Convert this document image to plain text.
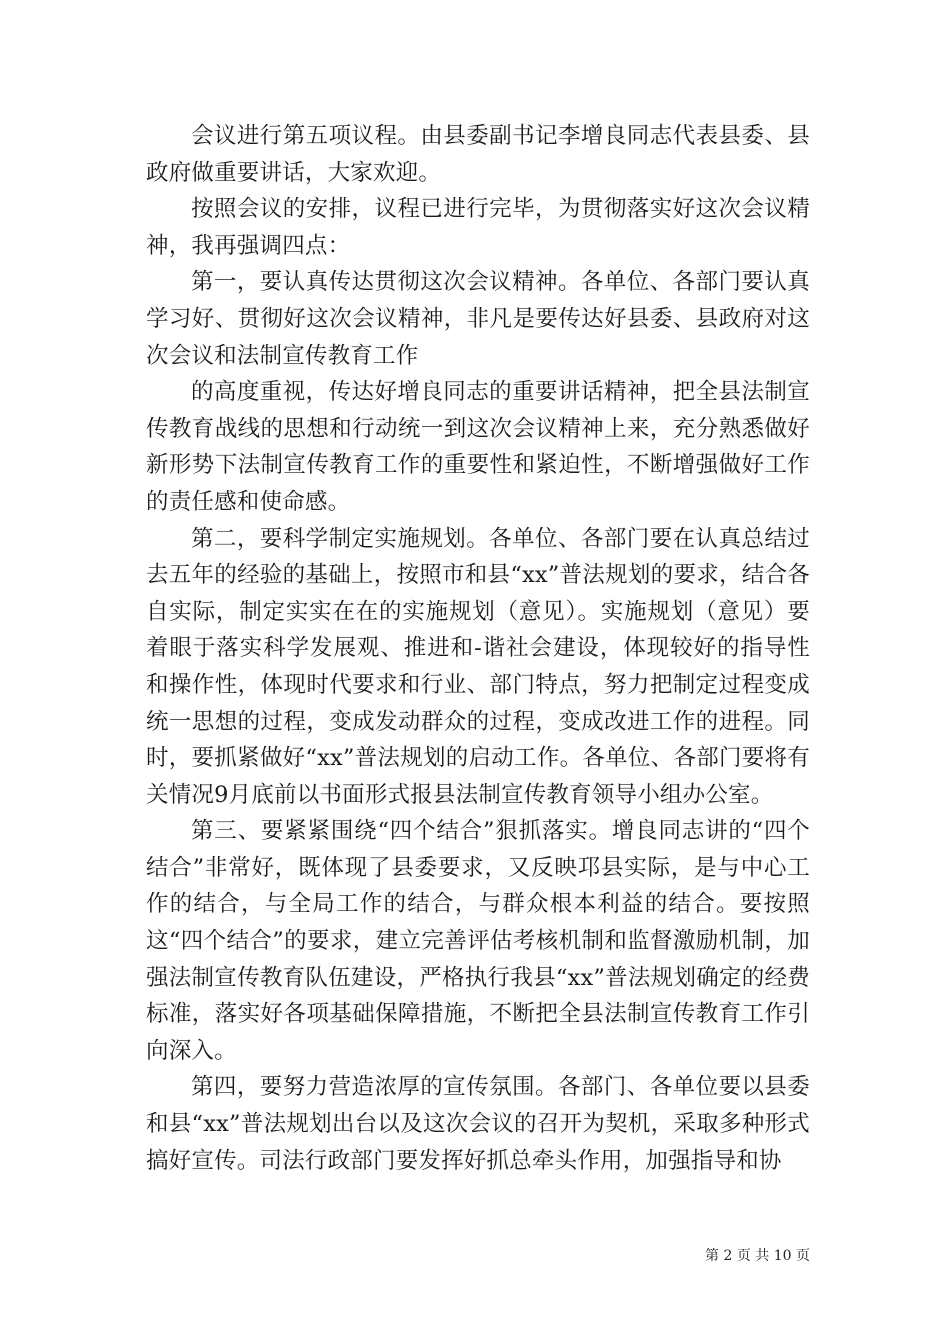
会议进行第五项议程。由县委副书记李增良同志代表县委、县政府做重要讲话，大家欢迎。

按照会议的安排，议程已进行完毕，为贯彻落实好这次会议精神，我再强调四点：

第一，要认真传达贯彻这次会议精神。各单位、各部门要认真学习好、贯彻好这次会议精神，非凡是要传达好县委、县政府对这次会议和法制宣传教育工作

的高度重视，传达好增良同志的重要讲话精神，把全县法制宣传教育战线的思想和行动统一到这次会议精神上来，充分熟悉做好新形势下法制宣传教育工作的重要性和紧迫性，不断增强做好工作的责任感和使命感。

第二，要科学制定实施规划。各单位、各部门要在认真总结过去五年的经验的基础上，按照市和县“xx”普法规划的要求，结合各自实际，制定实实在在的实施规划（意见）。实施规划（意见）要着眼于落实科学发展观、推进和-谐社会建设，体现较好的指导性和操作性，体现时代要求和行业、部门特点，努力把制定过程变成统一思想的过程，变成发动群众的过程，变成改进工作的进程。同时，要抓紧做好“xx”普法规划的启动工作。各单位、各部门要将有关情况9月底前以书面形式报县法制宣传教育领导小组办公室。

第三、要紧紧围绕“四个结合”狠抓落实。增良同志讲的“四个结合”非常好，既体现了县委要求，又反映邛县实际，是与中心工作的结合，与全局工作的结合，与群众根本利益的结合。要按照这“四个结合”的要求，建立完善评估考核机制和监督激励机制，加强法制宣传教育队伍建设，严格执行我县“xx”普法规划确定的经费标准，落实好各项基础保障措施，不断把全县法制宣传教育工作引向深入。

第四，要努力营造浓厚的宣传氛围。各部门、各单位要以县委和县“xx”普法规划出台以及这次会议的召开为契机，采取多种形式搞好宣传。司法行政部门要发挥好抓总牵头作用，加强指导和协

第 2 页 共 10 页
